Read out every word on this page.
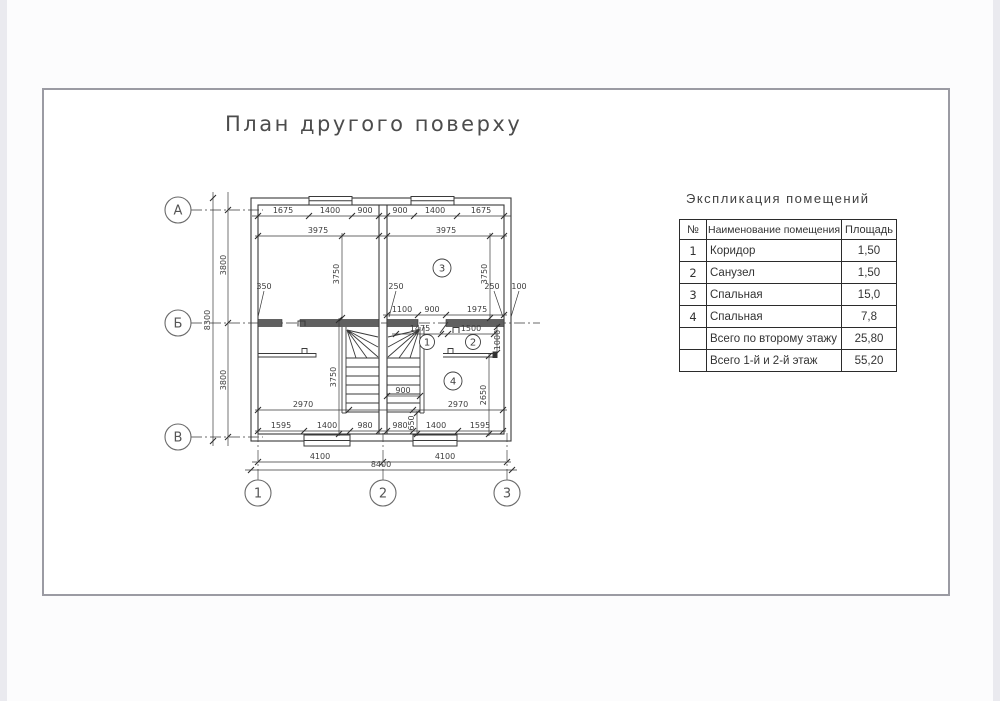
План другого поверху
1675	1400 900 900 1400	1675
3975	3975
1100 900	1975
1475	1500
2970	2970
1595	1400	980 980 1400	1595
4100	4100
8400
900
350	250	250 100
8300
3800
3800
3750	3750
3750
1000
2650
650
А
Б
В
1	2	3
1	2
3
4
Экспликация помещений
№	Наименование помещения	Площадь
1	Коридор	1,50
2	Санузел	1,50
3	Спальная	15,0
4	Спальная	7,8
	Всего по второму этажу	25,80
	Всего 1-й и 2-й этаж	55,20
